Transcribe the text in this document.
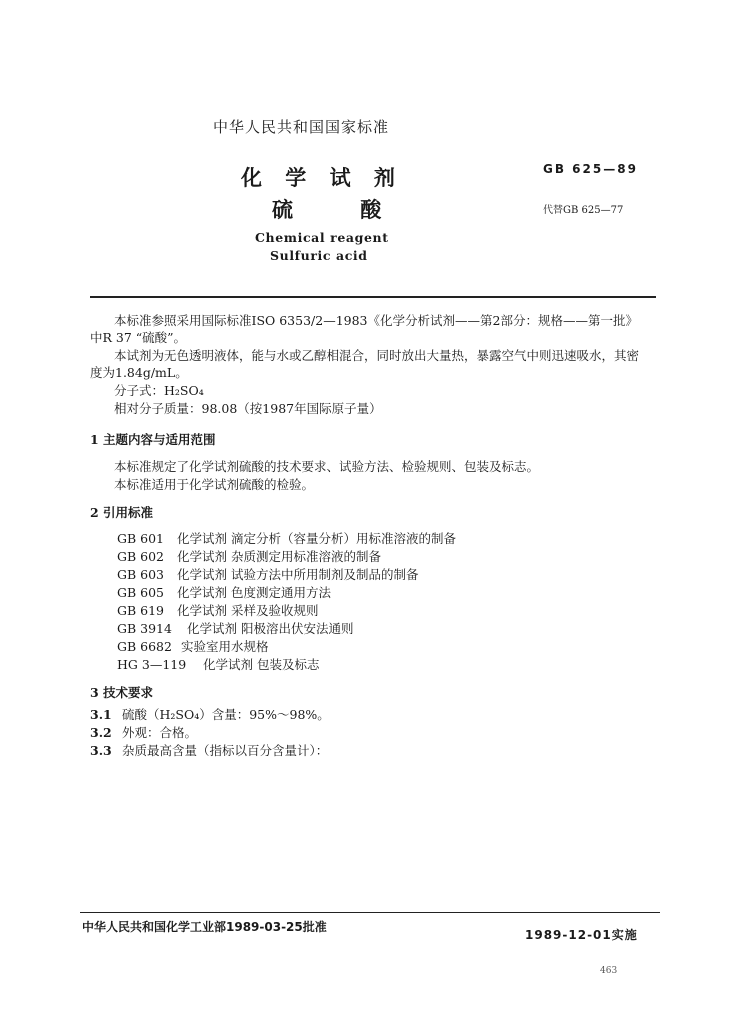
中华人民共和国国家标准
化 学 试 剂
硫 酸
GB 625—89
代替GB 625—77
Chemical reagent
Sulfuric acid
本标准参照采用国际标准ISO 6353/2—1983《化学分析试剂——第2部分：规格——第一批》
中R 37 “硫酸”。
本试剂为无色透明液体，能与水或乙醇相混合，同时放出大量热，暴露空气中则迅速吸水，其密
度为1.84g/mL。
分子式：H₂SO₄
相对分子质量：98.08（按1987年国际原子量）
1 主题内容与适用范围
本标准规定了化学试剂硫酸的技术要求、试验方法、检验规则、包装及标志。
本标准适用于化学试剂硫酸的检验。
2 引用标准
GB 601 化学试剂 滴定分析（容量分析）用标准溶液的制备
GB 602 化学试剂 杂质测定用标准溶液的制备
GB 603 化学试剂 试验方法中所用制剂及制品的制备
GB 605 化学试剂 色度测定通用方法
GB 619 化学试剂 采样及验收规则
GB 3914 化学试剂 阳极溶出伏安法通则
GB 6682 实验室用水规格
HG 3—119 化学试剂 包装及标志
3 技术要求
3.1 硫酸（H₂SO₄）含量：95%～98%。
3.2 外观：合格。
3.3 杂质最高含量（指标以百分含量计）：
中华人民共和国化学工业部1989-03-25批准
1989-12-01实施
463
